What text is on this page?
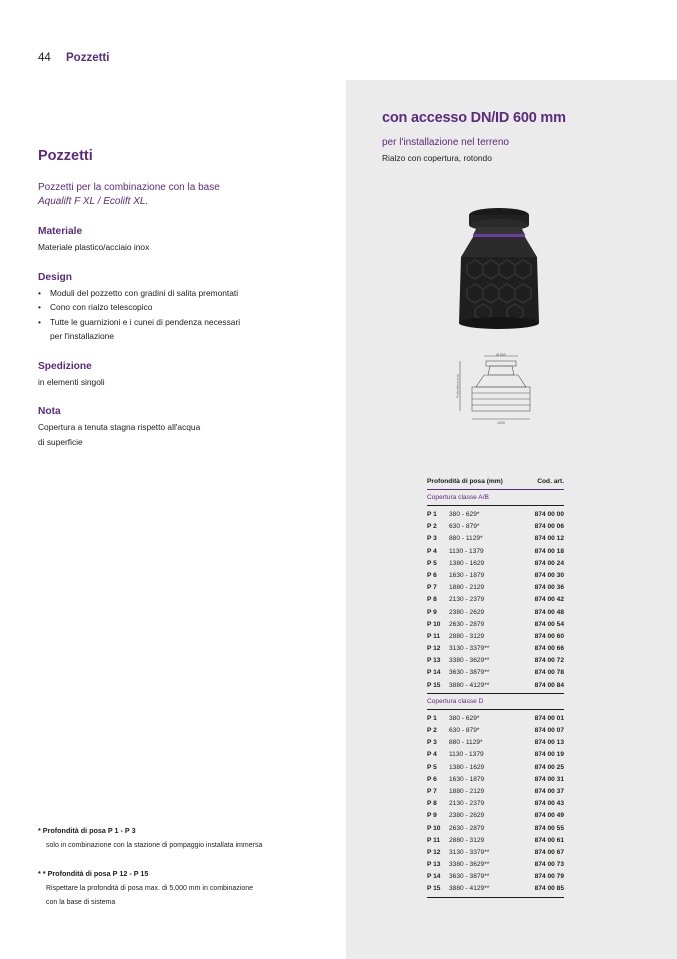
44 Pozzetti
Pozzetti
Pozzetti per la combinazione con la base
Aqualift F XL / Ecolift XL.
Materiale

Materiale plastico/acciaio inox

Design
• Moduli del pozzetto con gradini di salita premontati
• Cono con rialzo telescopico
• Tutte le guarnizioni e i cunei di pendenza necessari

per l'installazione

Spedizione

in elementi singoli

Nota

Copertura a tenuta stagna rispetto all'acqua

di superficie

* Profondità di posa P 1 - P 3
solo in combinazione con la stazione di pompaggio installata immersa
* * Profondità di posa P 12 - P 15
Rispettare la profondità di posa max. di 5.000 mm in combinazione
con la base di sistema
con accesso DN/ID 600 mm
per l'installazione nel terreno
Rialzo con copertura, rotondo
Ø 800
1200
Profondità di posa
Profondità di posa (mm)	Cod. art.
Copertura classe A/B
P 1	380 - 629*	874 00 00
P 2	630 - 879*	874 00 06
P 3	880 - 1129*	874 00 12
P 4	1130 - 1379	874 00 18
P 5	1380 - 1629	874 00 24
P 6	1630 - 1879	874 00 30
P 7	1880 - 2129	874 00 36
P 8	2130 - 2379	874 00 42
P 9	2380 - 2629	874 00 48
P 10	2630 - 2879	874 00 54
P 11	2880 - 3129	874 00 60
P 12	3130 - 3379**	874 00 66
P 13	3380 - 3629**	874 00 72
P 14	3630 - 3879**	874 00 78
P 15	3880 - 4129**	874 00 84
Copertura classe D
P 1	380 - 629*	874 00 01
P 2	630 - 879*	874 00 07
P 3	880 - 1129*	874 00 13
P 4	1130 - 1379	874 00 19
P 5	1380 - 1629	874 00 25
P 6	1630 - 1879	874 00 31
P 7	1880 - 2129	874 00 37
P 8	2130 - 2379	874 00 43
P 9	2380 - 2629	874 00 49
P 10	2630 - 2879	874 00 55
P 11	2880 - 3129	874 00 61
P 12	3130 - 3379**	874 00 67
P 13	3380 - 3629**	874 00 73
P 14	3630 - 3879**	874 00 79
P 15	3880 - 4129**	874 00 85
